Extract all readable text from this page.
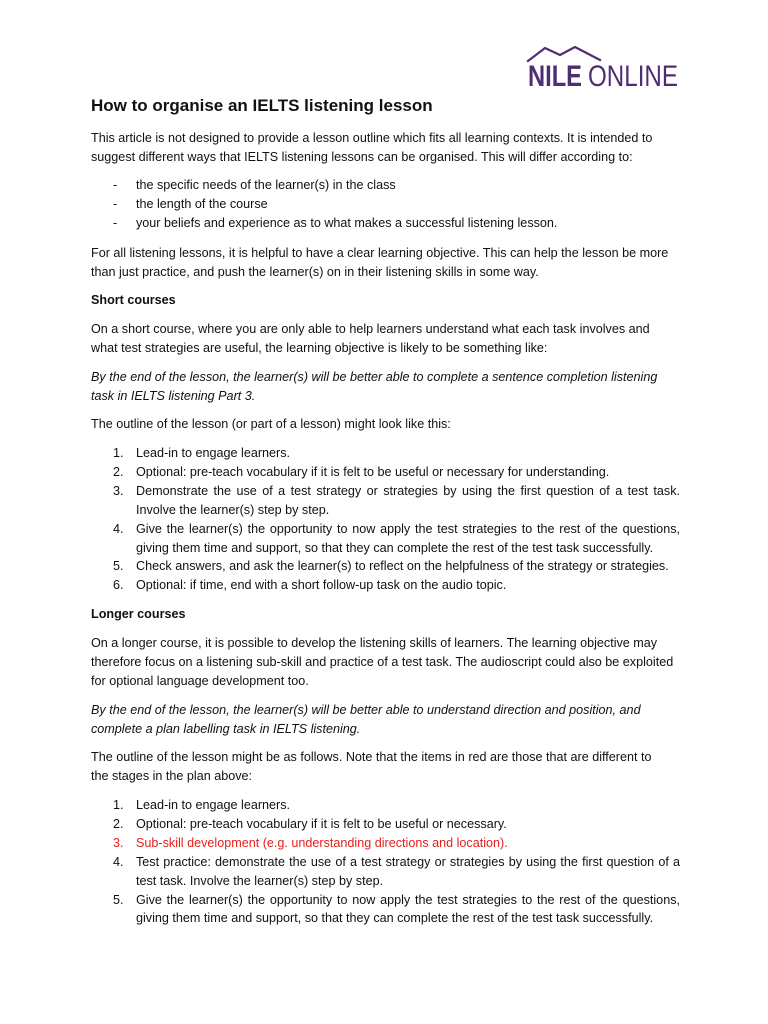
NILE ONLINE
How to organise an IELTS listening lesson
This article is not designed to provide a lesson outline which fits all learning contexts. It is intended to
suggest different ways that IELTS listening lessons can be organised. This will differ according to:
- the specific needs of the learner(s) in the class
- the length of the course
- your beliefs and experience as to what makes a successful listening lesson.
For all listening lessons, it is helpful to have a clear learning objective. This can help the lesson be more
than just practice, and push the learner(s) on in their listening skills in some way.
Short courses
On a short course, where you are only able to help learners understand what each task involves and
what test strategies are useful, the learning objective is likely to be something like:
By the end of the lesson, the learner(s) will be better able to complete a sentence completion listening
task in IELTS listening Part 3.
The outline of the lesson (or part of a lesson) might look like this:
1. Lead-in to engage learners.
2. Optional: pre-teach vocabulary if it is felt to be useful or necessary for understanding.
3. Demonstrate the use of a test strategy or strategies by using the first question of a test task.
Involve the learner(s) step by step.
4. Give the learner(s) the opportunity to now apply the test strategies to the rest of the questions,
giving them time and support, so that they can complete the rest of the test task successfully.
5. Check answers, and ask the learner(s) to reflect on the helpfulness of the strategy or strategies.
6. Optional: if time, end with a short follow-up task on the audio topic.
Longer courses
On a longer course, it is possible to develop the listening skills of learners. The learning objective may
therefore focus on a listening sub-skill and practice of a test task. The audioscript could also be exploited
for optional language development too.
By the end of the lesson, the learner(s) will be better able to understand direction and position, and
complete a plan labelling task in IELTS listening.
The outline of the lesson might be as follows. Note that the items in red are those that are different to
the stages in the plan above:
1. Lead-in to engage learners.
2. Optional: pre-teach vocabulary if it is felt to be useful or necessary.
3. Sub-skill development (e.g. understanding directions and location).
4. Test practice: demonstrate the use of a test strategy or strategies by using the first question of a
test task. Involve the learner(s) step by step.
5. Give the learner(s) the opportunity to now apply the test strategies to the rest of the questions,
giving them time and support, so that they can complete the rest of the test task successfully.
